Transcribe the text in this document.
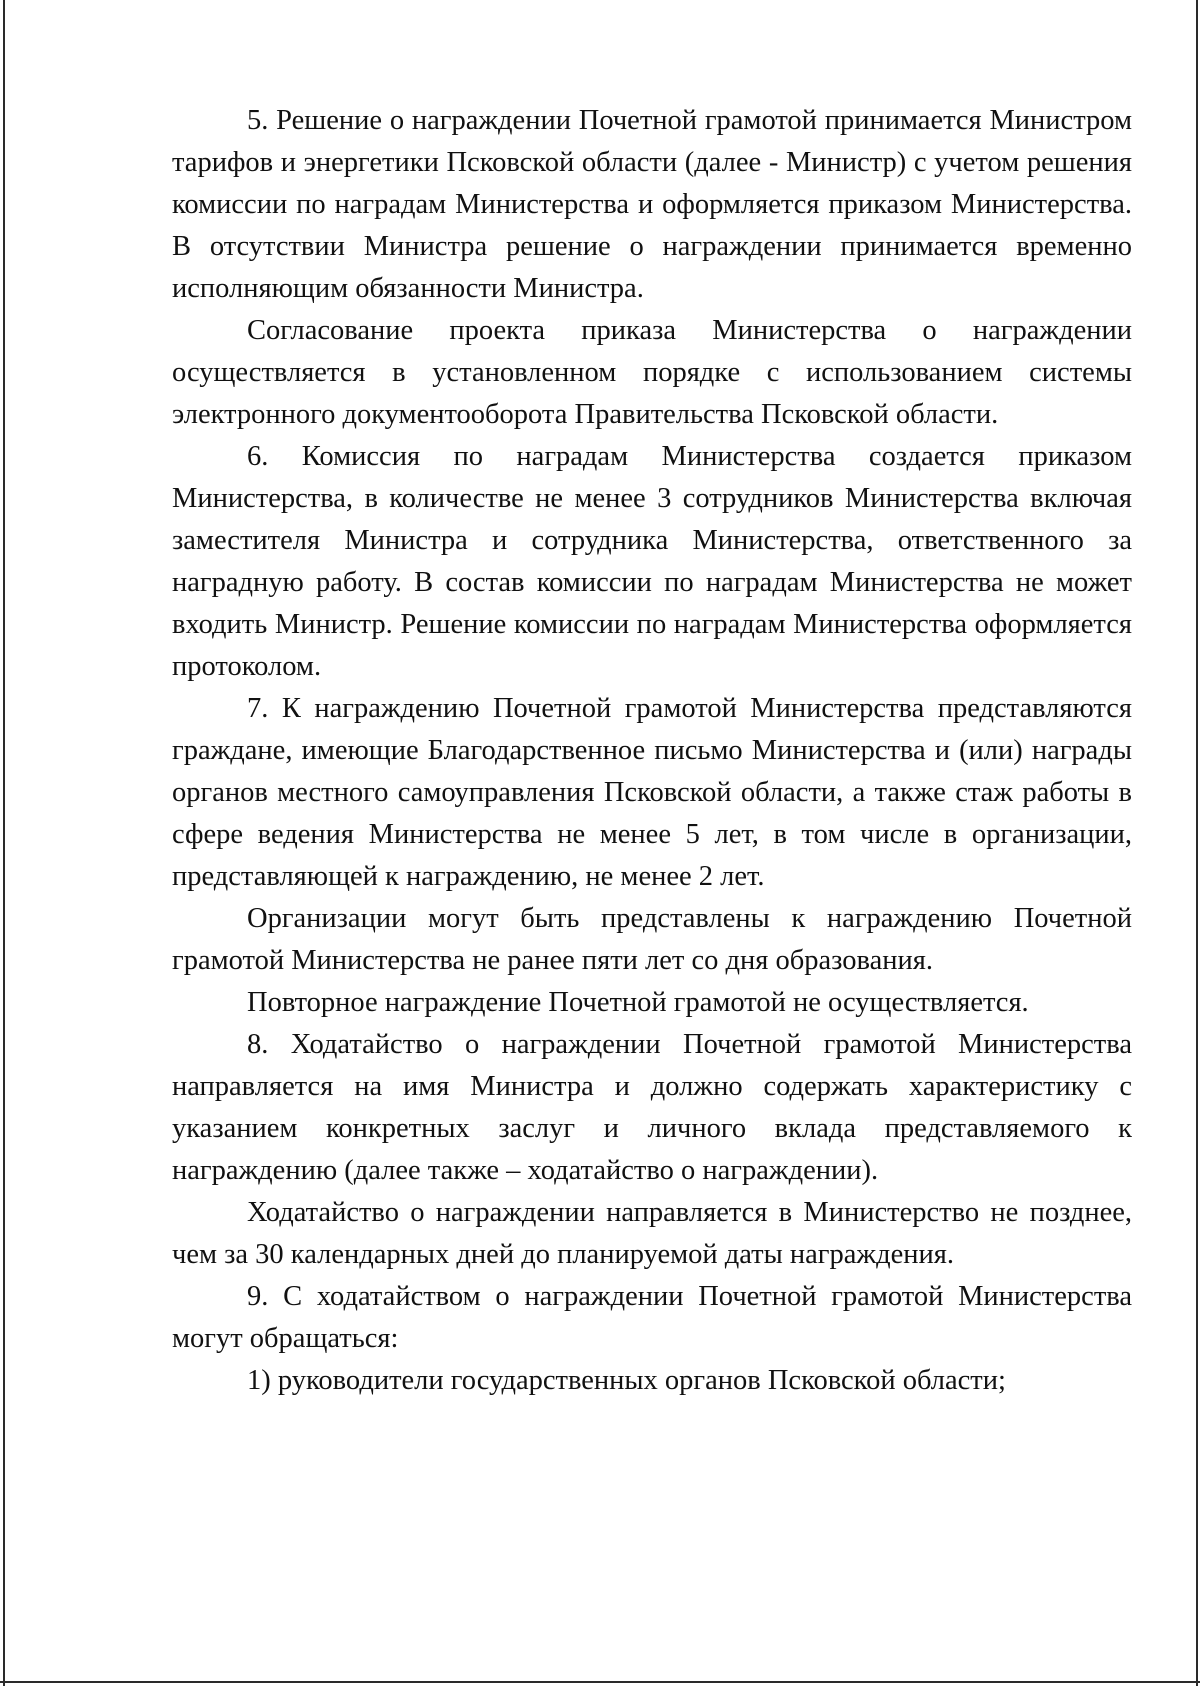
5. Решение о награждении Почетной грамотой принимается Министром тарифов и энергетики Псковской области (далее - Министр) с учетом решения комиссии по наградам Министерства и оформляется приказом Министерства. В отсутствии Министра решение о награждении принимается временно исполняющим обязанности Министра.

Согласование проекта приказа Министерства о награждении осуществляется в установленном порядке с использованием системы электронного документооборота Правительства Псковской области.

6. Комиссия по наградам Министерства создается приказом Министерства, в количестве не менее 3 сотрудников Министерства включая заместителя Министра и сотрудника Министерства, ответственного за наградную работу. В состав комиссии по наградам Министерства не может входить Министр. Решение комиссии по наградам Министерства оформляется протоколом.

7. К награждению Почетной грамотой Министерства представляются граждане, имеющие Благодарственное письмо Министерства и (или) награды органов местного самоуправления Псковской области, а также стаж работы в сфере ведения Министерства не менее 5 лет, в том числе в организации, представляющей к награждению, не менее 2 лет.

Организации могут быть представлены к награждению Почетной грамотой Министерства не ранее пяти лет со дня образования.

Повторное награждение Почетной грамотой не осуществляется.

8. Ходатайство о награждении Почетной грамотой Министерства направляется на имя Министра и должно содержать характеристику с указанием конкретных заслуг и личного вклада представляемого к награждению (далее также – ходатайство о награждении).

Ходатайство о награждении направляется в Министерство не позднее, чем за 30 календарных дней до планируемой даты награждения.

9. С ходатайством о награждении Почетной грамотой Министерства могут обращаться:

1) руководители государственных органов Псковской области;
